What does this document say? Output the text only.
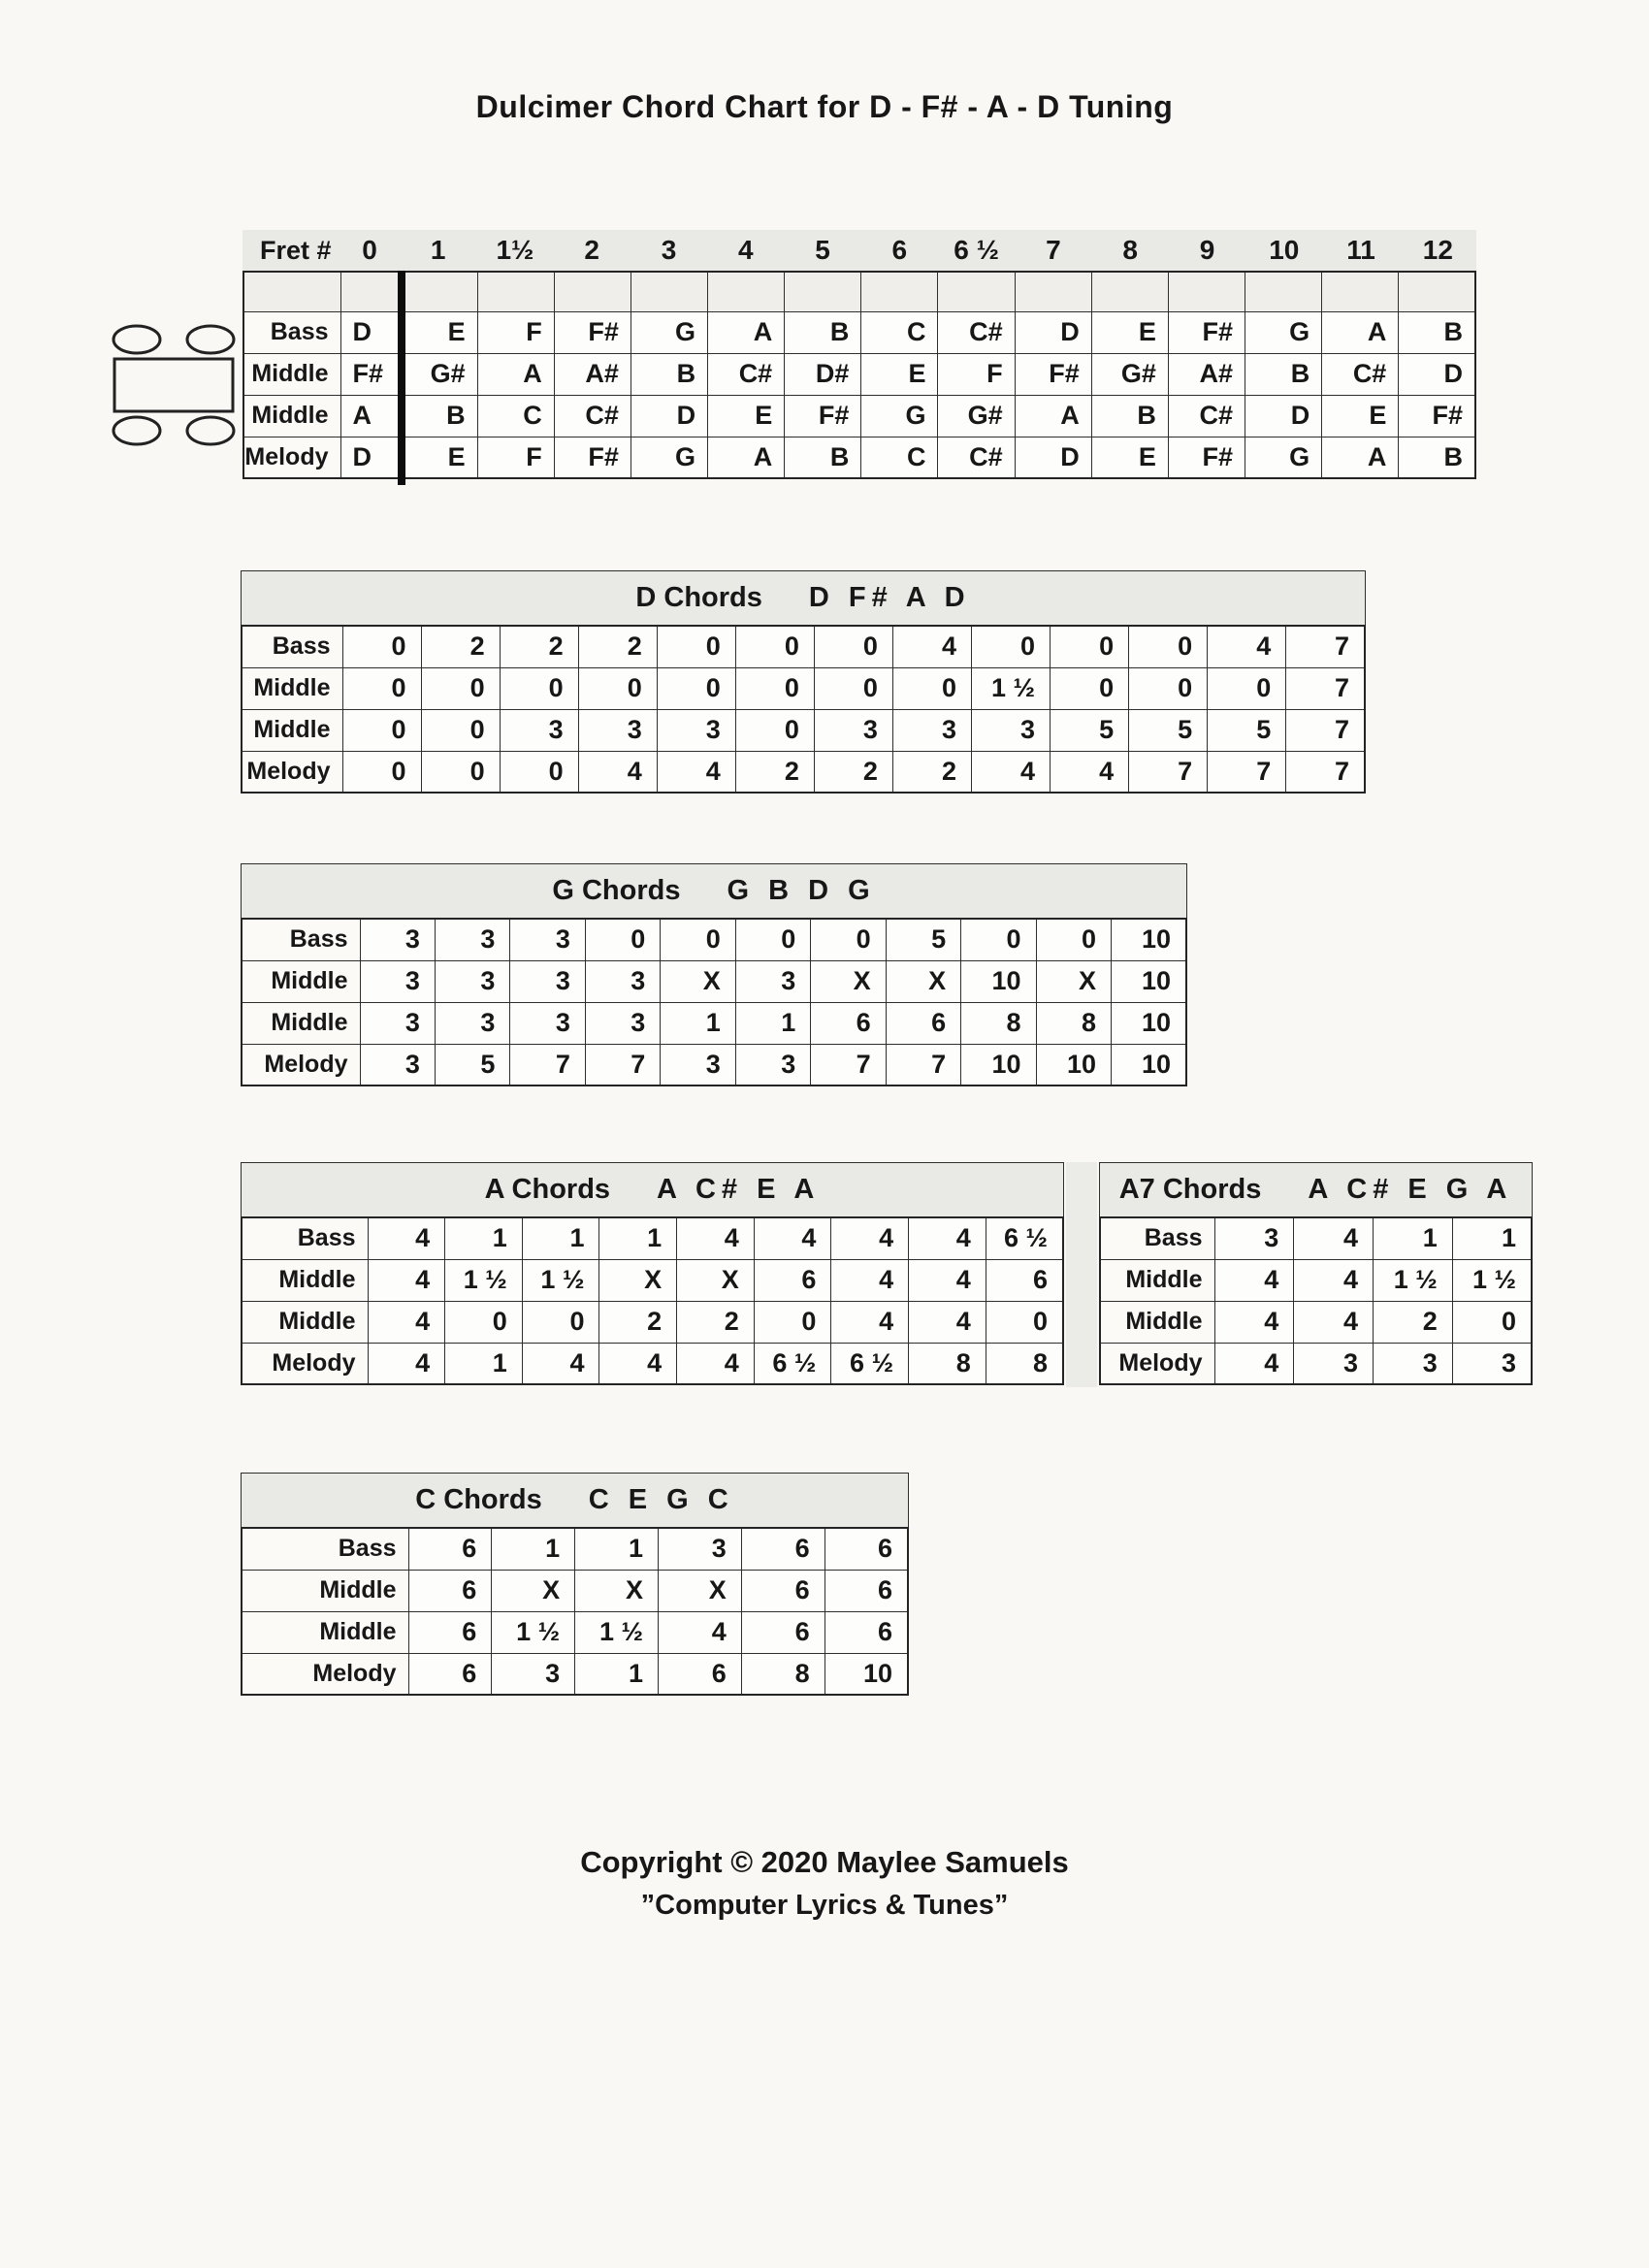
Dulcimer Chord Chart for D - F# - A - D Tuning
Fret #	0	1	1½	2	3	4	5	6	6 ½	7	8	9	10	11	12

Bass	D	E	F	F#	G	A	B	C	C#	D	E	F#	G	A	B
Middle	F#	G#	A	A#	B	C#	D#	E	F	F#	G#	A#	B	C#	D
Middle	A	B	C	C#	D	E	F#	G	G#	A	B	C#	D	E	F#
Melody	D	E	F	F#	G	A	B	C	C#	D	E	F#	G	A	B
D Chords D F# A D
Bass	0	2	2	2	0	0	0	4	0	0	0	4	7
Middle	0	0	0	0	0	0	0	0	1 ½	0	0	0	7
Middle	0	0	3	3	3	0	3	3	3	5	5	5	7
Melody	0	0	0	4	4	2	2	2	4	4	7	7	7
G Chords G B D G
Bass	3	3	3	0	0	0	0	5	0	0	10
Middle	3	3	3	3	X	3	X	X	10	X	10
Middle	3	3	3	3	1	1	6	6	8	8	10
Melody	3	5	7	7	3	3	7	7	10	10	10
A Chords A C# E A
Bass	4	1	1	1	4	4	4	4	6 ½
Middle	4	1 ½	1 ½	X	X	6	4	4	6
Middle	4	0	0	2	2	0	4	4	0
Melody	4	1	4	4	4	6 ½	6 ½	8	8
A7 Chords A C# E G A
Bass	3	4	1	1
Middle	4	4	1 ½	1 ½
Middle	4	4	2	0
Melody	4	3	3	3
C Chords C E G C
Bass	6	1	1	3	6	6
Middle	6	X	X	X	6	6
Middle	6	1 ½	1 ½	4	6	6
Melody	6	3	1	6	8	10
Copyright © 2020 Maylee Samuels
”Computer Lyrics & Tunes”
